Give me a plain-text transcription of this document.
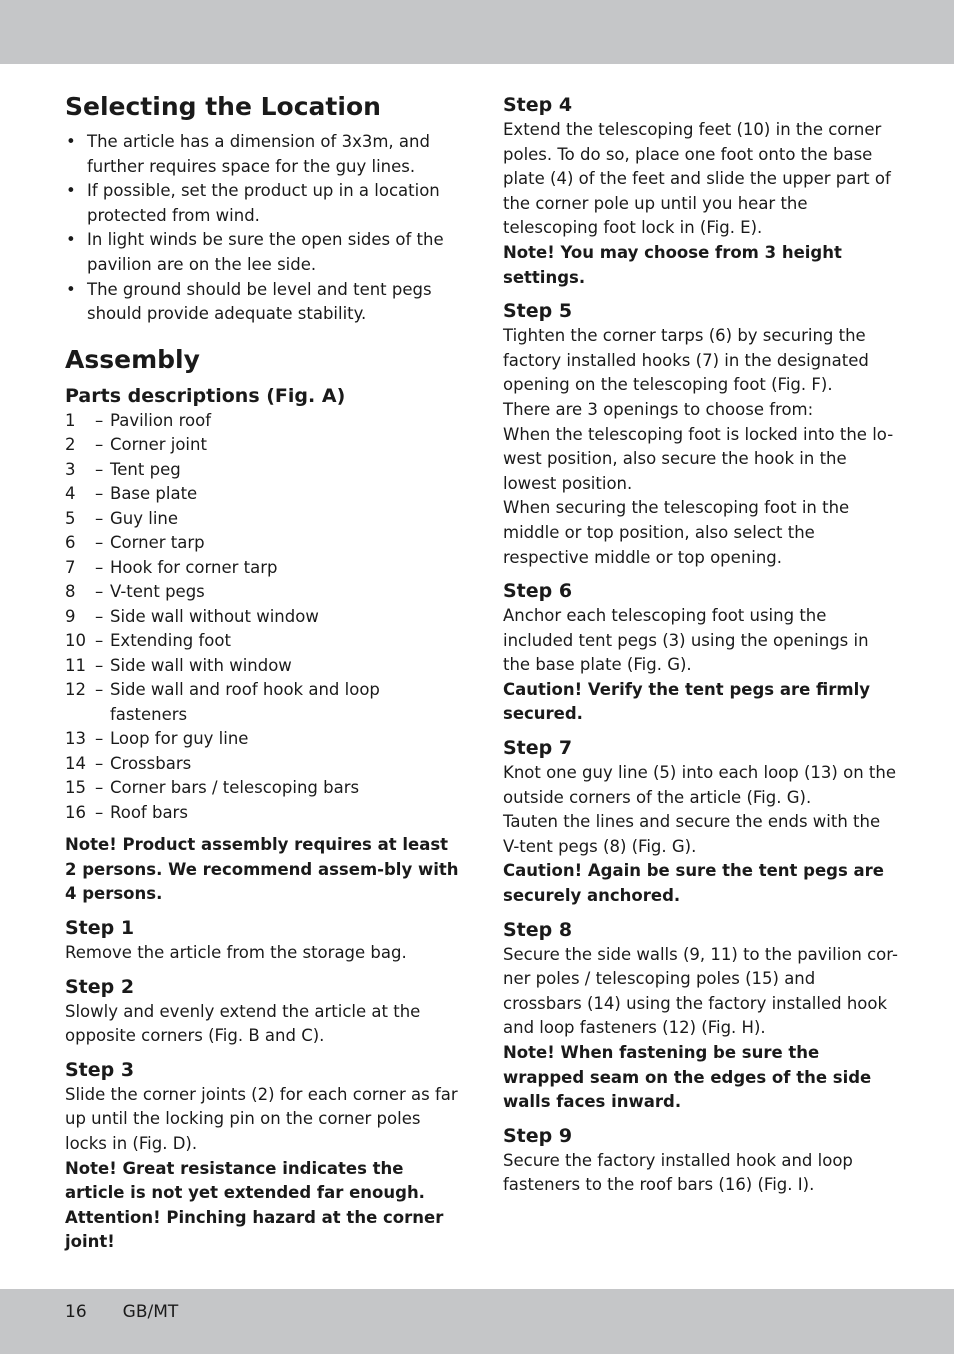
Selecting the Location
• The article has a dimension of 3x3m, and further requires space for the guy lines.
• If possible, set the product up in a location protected from wind.
• In light winds be sure the open sides of the pavilion are on the lee side.
• The ground should be level and tent pegs should provide adequate stability.
Assembly
Parts descriptions (Fig. A)
1	– Pavilion roof
2	– Corner joint
3	– Tent peg
4	– Base plate
5	– Guy line
6	– Corner tarp
7	– Hook for corner tarp
8	– V-tent pegs
9	– Side wall without window
10 – Extending foot
11 – Side wall with window
12 – Side wall and roof hook and loop fasteners
13 – Loop for guy line
14 – Crossbars
15 – Corner bars / telescoping bars
16 – Roof bars

Note! Product assembly requires at least 2 persons. We recommend assem-bly with 4 persons.

Step 1

Remove the article from the storage bag.

Step 2

Slowly and evenly extend the article at the opposite corners (Fig. B and C).

Step 3

Slide the corner joints (2) for each corner as far up until the locking pin on the corner poles locks in (Fig. D).

Note! Great resistance indicates the article is not yet extended far enough. Attention! Pinching hazard at the corner joint!

Step 4

Extend the telescoping feet (10) in the corner poles. To do so, place one foot onto the base plate (4) of the feet and slide the upper part of the corner pole up until you hear the telescoping foot lock in (Fig. E).

Note! You may choose from 3 height settings.

Step 5

Tighten the corner tarps (6) by securing the factory installed hooks (7) in the designated opening on the telescoping foot (Fig. F).

There are 3 openings to choose from:

When the telescoping foot is locked into the lo-west position, also secure the hook in the lowest position.

When securing the telescoping foot in the middle or top position, also select the respective middle or top opening.

Step 6

Anchor each telescoping foot using the included tent pegs (3) using the openings in the base plate (Fig. G).

Caution! Verify the tent pegs are firmly secured.

Step 7

Knot one guy line (5) into each loop (13) on the outside corners of the article (Fig. G).

Tauten the lines and secure the ends with the V-tent pegs (8) (Fig. G).

Caution! Again be sure the tent pegs are securely anchored.

Step 8

Secure the side walls (9, 11) to the pavilion cor-ner poles / telescoping poles (15) and crossbars (14) using the factory installed hook and loop fasteners (12) (Fig. H).

Note! When fastening be sure the wrapped seam on the edges of the side walls faces inward.

Step 9

Secure the factory installed hook and loop fasteners to the roof bars (16) (Fig. I).

16 GB/MT
